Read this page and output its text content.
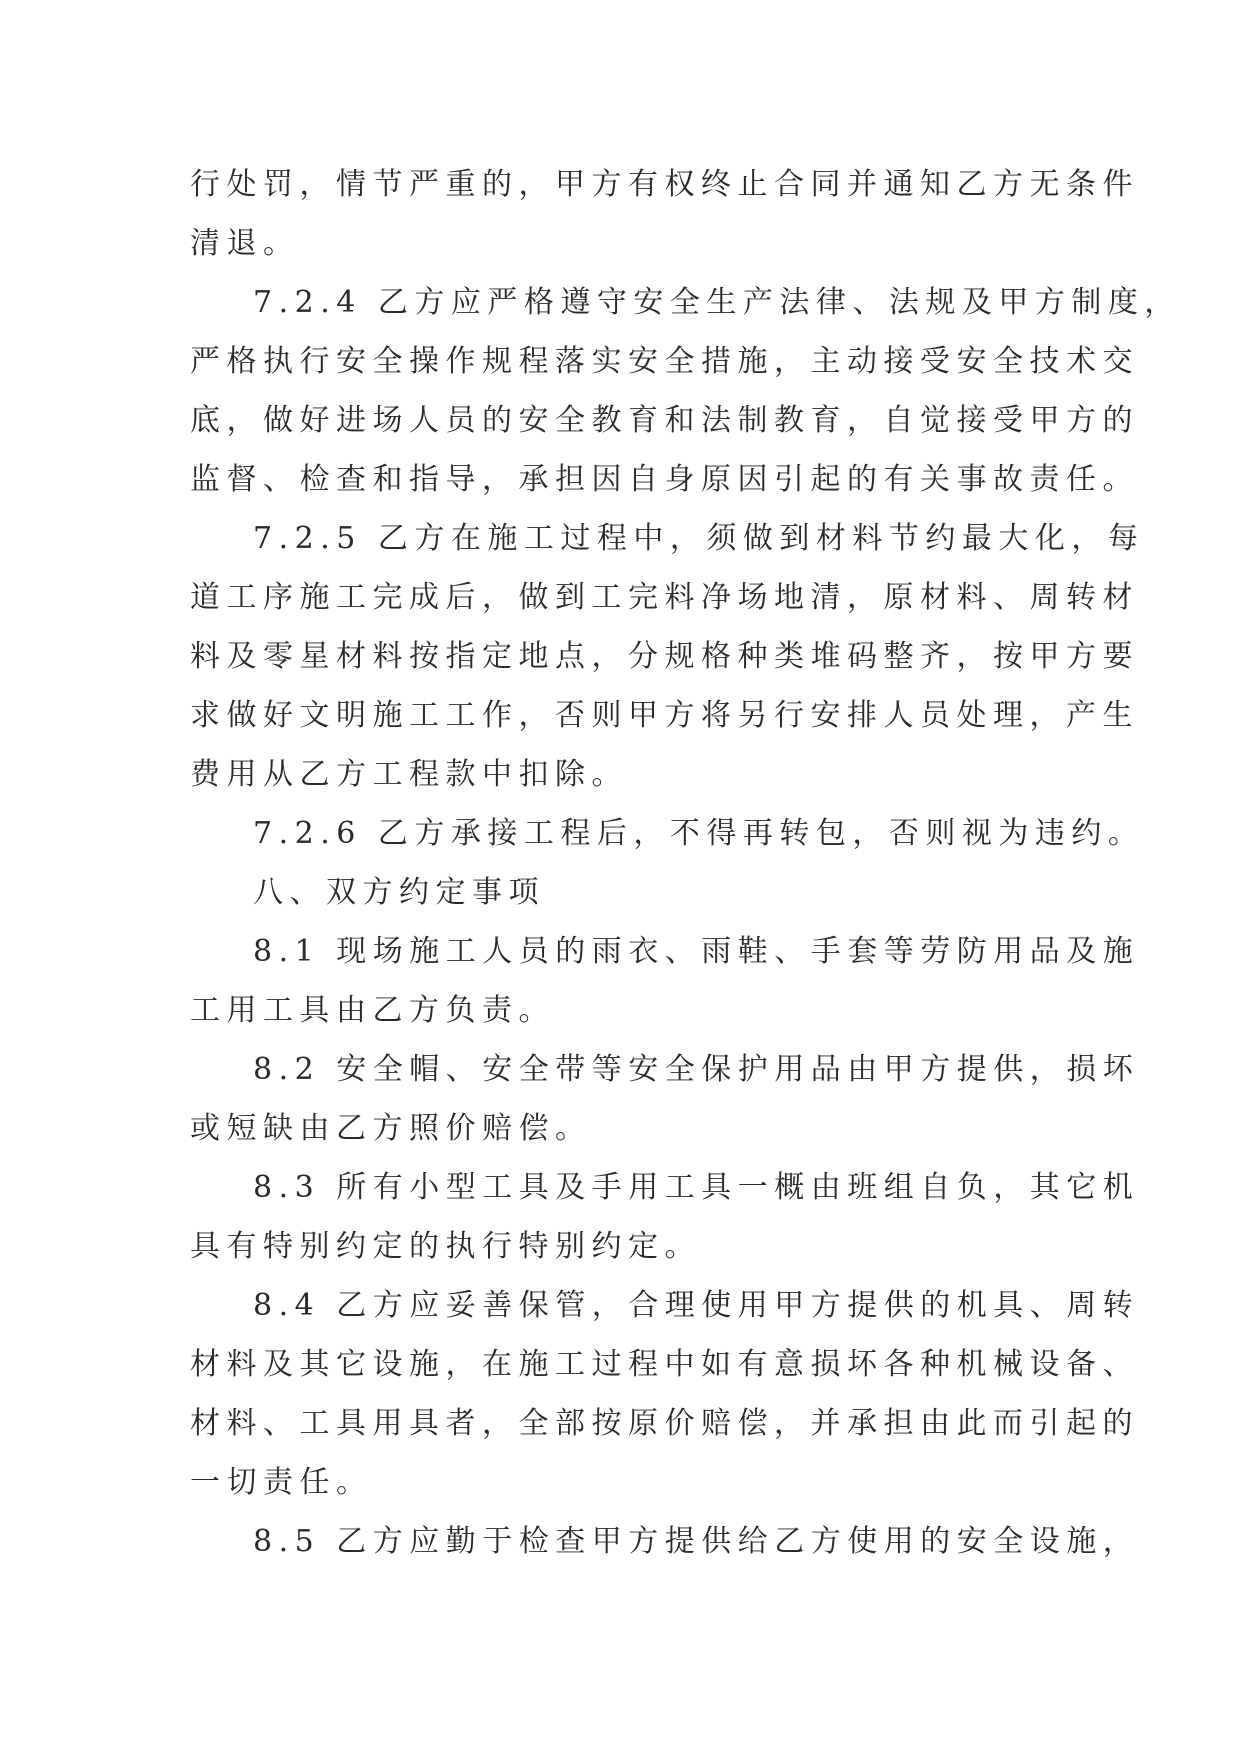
行处罚，情节严重的，甲方有权终止合同并通知乙方无条件
清退。
7.2.4 乙方应严格遵守安全生产法律、法规及甲方制度，
严格执行安全操作规程落实安全措施，主动接受安全技术交
底，做好进场人员的安全教育和法制教育，自觉接受甲方的
监督、检查和指导，承担因自身原因引起的有关事故责任。
7.2.5 乙方在施工过程中，须做到材料节约最大化，每
道工序施工完成后，做到工完料净场地清，原材料、周转材
料及零星材料按指定地点，分规格种类堆码整齐，按甲方要
求做好文明施工工作，否则甲方将另行安排人员处理，产生
费用从乙方工程款中扣除。
7.2.6 乙方承接工程后，不得再转包，否则视为违约。
八、双方约定事项
8.1 现场施工人员的雨衣、雨鞋、手套等劳防用品及施
工用工具由乙方负责。
8.2 安全帽、安全带等安全保护用品由甲方提供，损坏
或短缺由乙方照价赔偿。
8.3 所有小型工具及手用工具一概由班组自负，其它机
具有特别约定的执行特别约定。
8.4 乙方应妥善保管，合理使用甲方提供的机具、周转
材料及其它设施，在施工过程中如有意损坏各种机械设备、
材料、工具用具者，全部按原价赔偿，并承担由此而引起的
一切责任。
8.5 乙方应勤于检查甲方提供给乙方使用的安全设施，
